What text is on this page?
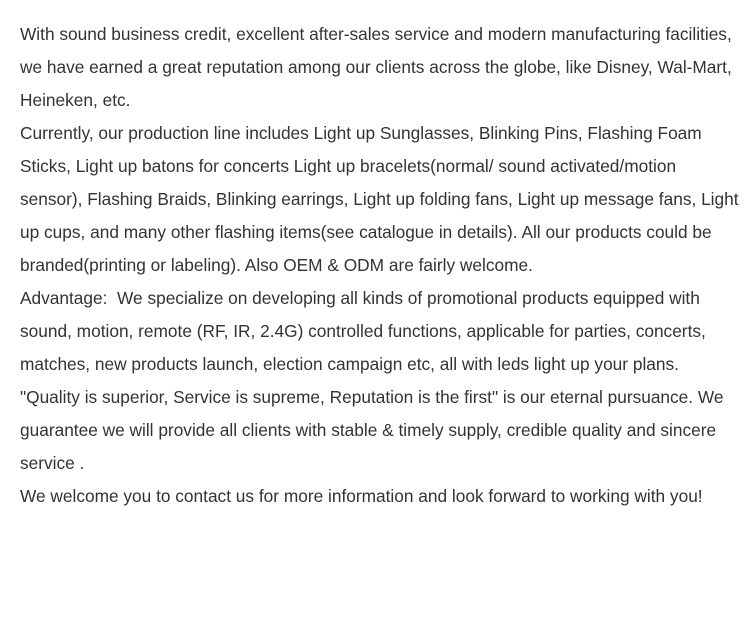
With sound business credit, excellent after-sales service and modern manufacturing facilities, we have earned a great reputation among our clients across the globe, like Disney, Wal-Mart, Heineken, etc.

Currently, our production line includes Light up Sunglasses, Blinking Pins, Flashing Foam Sticks, Light up batons for concerts Light up bracelets(normal/ sound activated/motion sensor), Flashing Braids, Blinking earrings, Light up folding fans, Light up message fans, Light up cups, and many other flashing items(see catalogue in details). All our products could be branded(printing or labeling). Also OEM & ODM are fairly welcome.

Advantage:  We specialize on developing all kinds of promotional products equipped with sound, motion, remote (RF, IR, 2.4G) controlled functions, applicable for parties, concerts, matches, new products launch, election campaign etc, all with leds light up your plans.

"Quality is superior, Service is supreme, Reputation is the first" is our eternal pursuance. We guarantee we will provide all clients with stable & timely supply, credible quality and sincere service .

We welcome you to contact us for more information and look forward to working with you!
